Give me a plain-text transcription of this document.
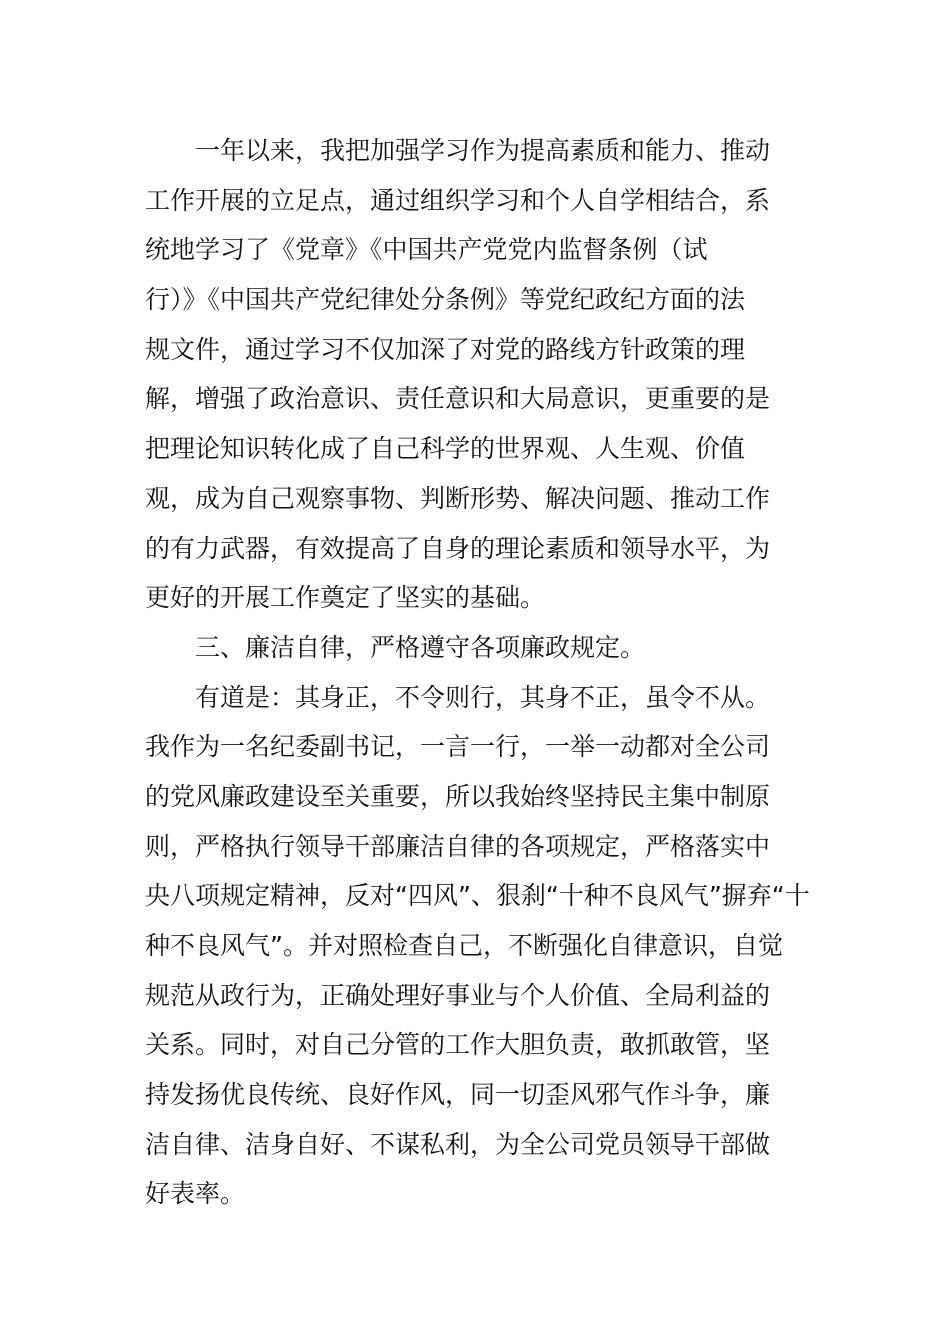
一年以来，我把加强学习作为提高素质和能力、推动
工作开展的立足点，通过组织学习和个人自学相结合，系
统地学习了《党章》《中国共产党党内监督条例（试
行）》《中国共产党纪律处分条例》等党纪政纪方面的法
规文件，通过学习不仅加深了对党的路线方针政策的理
解，增强了政治意识、责任意识和大局意识，更重要的是
把理论知识转化成了自己科学的世界观、人生观、价值
观，成为自己观察事物、判断形势、解决问题、推动工作
的有力武器，有效提高了自身的理论素质和领导水平，为
更好的开展工作奠定了坚实的基础。
三、廉洁自律，严格遵守各项廉政规定。
有道是：其身正，不令则行，其身不正，虽令不从。
我作为一名纪委副书记，一言一行，一举一动都对全公司
的党风廉政建设至关重要，所以我始终坚持民主集中制原
则，严格执行领导干部廉洁自律的各项规定，严格落实中
央八项规定精神，反对“四风”、狠刹“十种不良风气”摒弃“十
种不良风气”。并对照检查自己，不断强化自律意识，自觉
规范从政行为，正确处理好事业与个人价值、全局利益的
关系。同时，对自己分管的工作大胆负责，敢抓敢管，坚
持发扬优良传统、良好作风，同一切歪风邪气作斗争，廉
洁自律、洁身自好、不谋私利，为全公司党员领导干部做
好表率。
